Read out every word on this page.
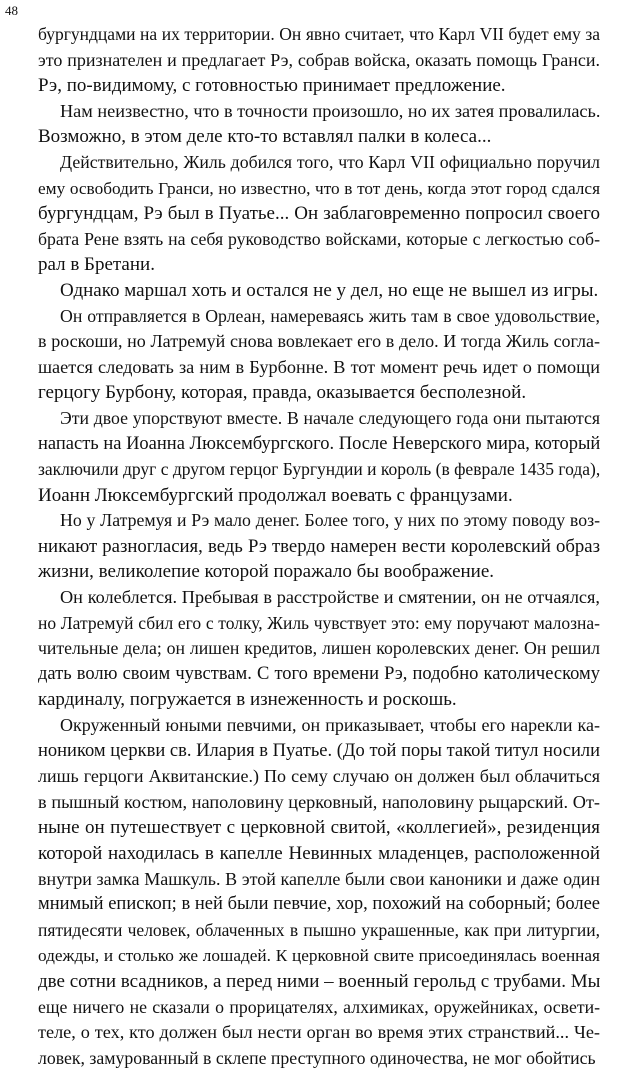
48
бургундцами на их территории. Он явно считает, что Карл VII будет ему за
это признателен и предлагает Рэ, собрав войска, оказать помощь Гранси.
Рэ, по-видимому, с готовностью принимает предложение.
Нам неизвестно, что в точности произошло, но их затея провалилась.
Возможно, в этом деле кто-то вставлял палки в колеса...
Действительно, Жиль добился того, что Карл VII официально поручил
ему освободить Гранси, но известно, что в тот день, когда этот город сдался
бургундцам, Рэ был в Пуатье... Он заблаговременно попросил своего
брата Рене взять на себя руководство войсками, которые с легкостью соб-
рал в Бретани.
Однако маршал хоть и остался не у дел, но еще не вышел из игры.
Он отправляется в Орлеан, намереваясь жить там в свое удовольствие,
в роскоши, но Латремуй снова вовлекает его в дело. И тогда Жиль согла-
шается следовать за ним в Бурбонне. В тот момент речь идет о помощи
герцогу Бурбону, которая, правда, оказывается бесполезной.
Эти двое упорствуют вместе. В начале следующего года они пытаются
напасть на Иоанна Люксембургского. После Неверского мира, который
заключили друг с другом герцог Бургундии и король (в феврале 1435 года),
Иоанн Люксембургский продолжал воевать с французами.
Но у Латремуя и Рэ мало денег. Более того, у них по этому поводу воз-
никают разногласия, ведь Рэ твердо намерен вести королевский образ
жизни, великолепие которой поражало бы воображение.
Он колеблется. Пребывая в расстройстве и смятении, он не отчаялся,
но Латремуй сбил его с толку, Жиль чувствует это: ему поручают малозна-
чительные дела; он лишен кредитов, лишен королевских денег. Он решил
дать волю своим чувствам. С того времени Рэ, подобно католическому
кардиналу, погружается в изнеженность и роскошь.
Окруженный юными певчими, он приказывает, чтобы его нарекли ка-
ноником церкви св. Илария в Пуатье. (До той поры такой титул носили
лишь герцоги Аквитанские.) По сему случаю он должен был облачиться
в пышный костюм, наполовину церковный, наполовину рыцарский. От-
ныне он путешествует с церковной свитой, «коллегией», резиденция
которой находилась в капелле Невинных младенцев, расположенной
внутри замка Машкуль. В этой капелле были свои каноники и даже один
мнимый епископ; в ней были певчие, хор, похожий на соборный; более
пятидесяти человек, облаченных в пышно украшенные, как при литургии,
одежды, и столько же лошадей. К церковной свите присоединялась военная
две сотни всадников, а перед ними – военный герольд с трубами. Мы
еще ничего не сказали о прорицателях, алхимиках, оружейниках, освети-
теле, о тех, кто должен был нести орган во время этих странствий... Че-
ловек, замурованный в склепе преступного одиночества, не мог обойтись
